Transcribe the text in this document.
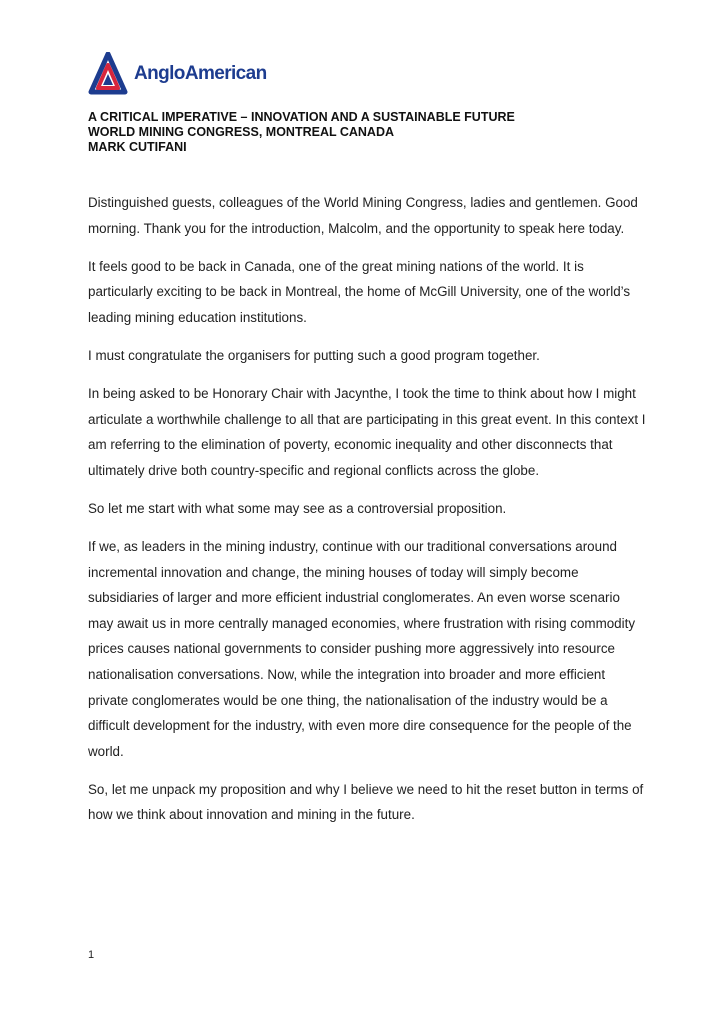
AngloAmerican
A CRITICAL IMPERATIVE – INNOVATION AND A SUSTAINABLE FUTURE
WORLD MINING CONGRESS, MONTREAL CANADA
MARK CUTIFANI

Distinguished guests, colleagues of the World Mining Congress, ladies and gentlemen. Good morning. Thank you for the introduction, Malcolm, and the opportunity to speak here today.

It feels good to be back in Canada, one of the great mining nations of the world. It is particularly exciting to be back in Montreal, the home of McGill University, one of the world’s leading mining education institutions.

I must congratulate the organisers for putting such a good program together.

In being asked to be Honorary Chair with Jacynthe, I took the time to think about how I might articulate a worthwhile challenge to all that are participating in this great event. In this context I am referring to the elimination of poverty, economic inequality and other disconnects that ultimately drive both country-specific and regional conflicts across the globe.

So let me start with what some may see as a controversial proposition.

If we, as leaders in the mining industry, continue with our traditional conversations around incremental innovation and change, the mining houses of today will simply become subsidiaries of larger and more efficient industrial conglomerates. An even worse scenario may await us in more centrally managed economies, where frustration with rising commodity prices causes national governments to consider pushing more aggressively into resource nationalisation conversations. Now, while the integration into broader and more efficient private conglomerates would be one thing, the nationalisation of the industry would be a difficult development for the industry, with even more dire consequence for the people of the world.

So, let me unpack my proposition and why I believe we need to hit the reset button in terms of how we think about innovation and mining in the future.

1
